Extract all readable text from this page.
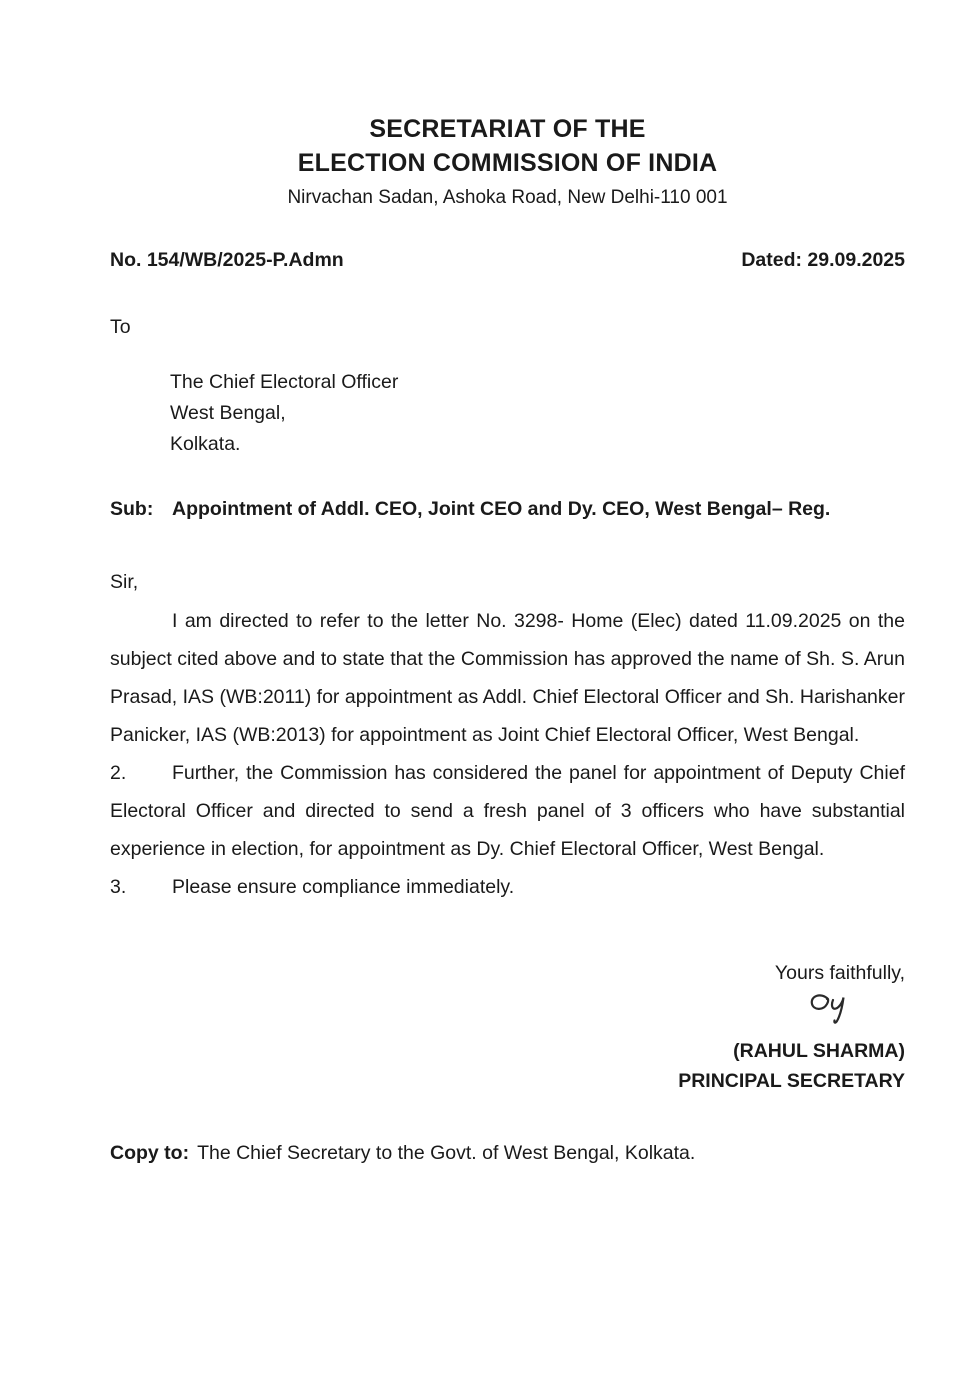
SECRETARIAT OF THE
ELECTION COMMISSION OF INDIA
Nirvachan Sadan, Ashoka Road, New Delhi-110 001
No. 154/WB/2025-P.Admn	Dated: 29.09.2025
To
The Chief Electoral Officer
West Bengal,
Kolkata.
Sub: Appointment of Addl. CEO, Joint CEO and Dy. CEO, West Bengal– Reg.
Sir,

I am directed to refer to the letter No. 3298- Home (Elec) dated 11.09.2025 on the subject cited above and to state that the Commission has approved the name of Sh. S. Arun Prasad, IAS (WB:2011) for appointment as Addl. Chief Electoral Officer and Sh. Harishanker Panicker, IAS (WB:2013) for appointment as Joint Chief Electoral Officer, West Bengal.

2. Further, the Commission has considered the panel for appointment of Deputy Chief Electoral Officer and directed to send a fresh panel of 3 officers who have substantial experience in election, for appointment as Dy. Chief Electoral Officer, West Bengal.

3. Please ensure compliance immediately.

Yours faithfully,
(RAHUL SHARMA)
PRINCIPAL SECRETARY
Copy to: The Chief Secretary to the Govt. of West Bengal, Kolkata.
